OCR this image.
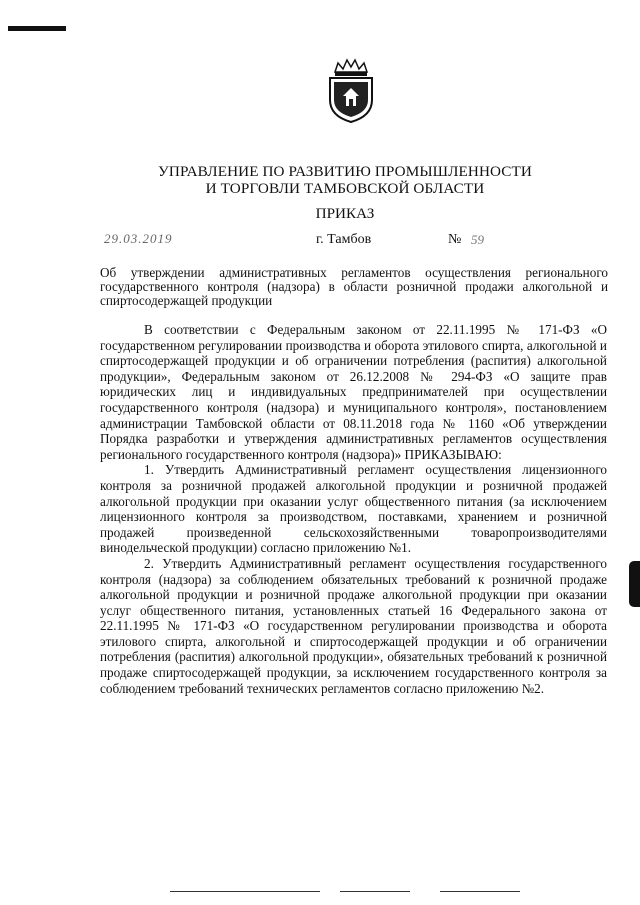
УПРАВЛЕНИЕ ПО РАЗВИТИЮ ПРОМЫШЛЕННОСТИ
И ТОРГОВЛИ ТАМБОВСКОЙ ОБЛАСТИ
ПРИКАЗ
29.03.2019	г. Тамбов	№ 59
Об утверждении административных регламентов осуществления регионального государственного контроля (надзора) в области розничной продажи алкогольной и спиртосодержащей продукции

В соответствии с Федеральным законом от 22.11.1995 № 171-ФЗ «О государственном регулировании производства и оборота этилового спирта, алкогольной и спиртосодержащей продукции и об ограничении потребления (распития) алкогольной продукции», Федеральным законом от 26.12.2008 № 294-ФЗ «О защите прав юридических лиц и индивидуальных предпринимателей при осуществлении государственного контроля (надзора) и муниципального контроля», постановлением администрации Тамбовской области от 08.11.2018 года № 1160 «Об утверждении Порядка разработки и утверждения административных регламентов осуществления регионального государственного контроля (надзора)» ПРИКАЗЫВАЮ:

1. Утвердить Административный регламент осуществления лицензионного контроля за розничной продажей алкогольной продукции и розничной продажей алкогольной продукции при оказании услуг общественного питания (за исключением лицензионного контроля за производством, поставками, хранением и розничной продажей произведенной сельскохозяйственными товаропроизводителями винодельческой продукции) согласно приложению №1.

2. Утвердить Административный регламент осуществления государственного контроля (надзора) за соблюдением обязательных требований к розничной продаже алкогольной продукции и розничной продаже алкогольной продукции при оказании услуг общественного питания, установленных статьей 16 Федерального закона от 22.11.1995 № 171-ФЗ «О государственном регулировании производства и оборота этилового спирта, алкогольной и спиртосодержащей продукции и об ограничении потребления (распития) алкогольной продукции», обязательных требований к розничной продаже спиртосодержащей продукции, за исключением государственного контроля за соблюдением требований технических регламентов согласно приложению №2.
